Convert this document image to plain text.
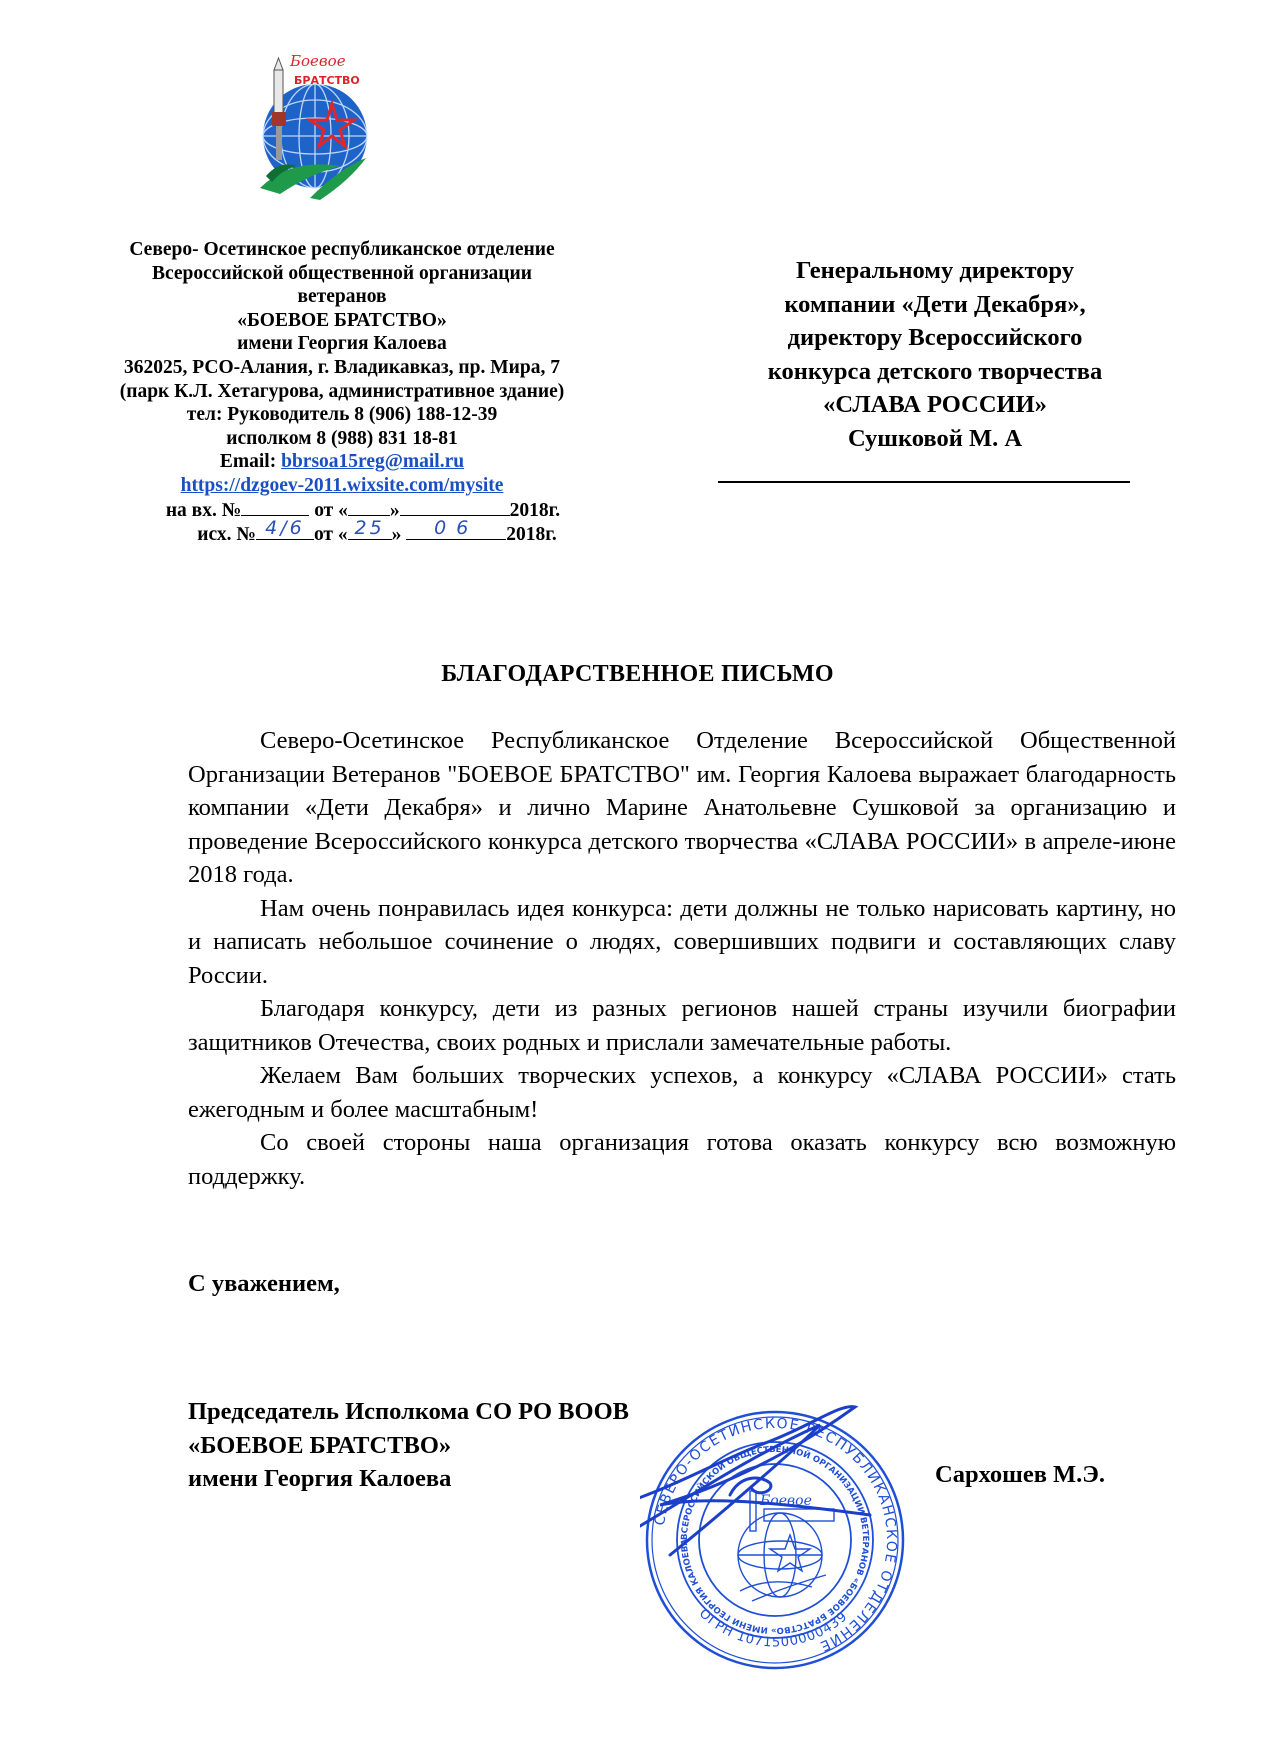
Боевое
БРАТСТВО
Северо- Осетинское республиканское отделение
Всероссийской общественной организации
ветеранов
«БОЕВОЕ БРАТСТВО»
имени Георгия Калоева
362025, РСО-Алания, г. Владикавказ, пр. Мира, 7
(парк К.Л. Хетагурова, административное здание)
тел: Руководитель 8 (906) 188-12-39
исполком 8 (988) 831 18-81
Email: bbrsoa15reg@mail.ru
https://dzgoev-2011.wixsite.com/mysite
на вх. №	от « »	2018г.
исх. № 4/6 от « 25 »	06	2018г.
Генеральному директору
компании «Дети Декабря»,
директору Всероссийского
конкурса детского творчества
«СЛАВА РОССИИ»
Сушковой М. А
БЛАГОДАРСТВЕННОЕ ПИСЬМО

Северо-Осетинское Республиканское Отделение Всероссийской Общественной Организации Ветеранов "БОЕВОЕ БРАТСТВО" им. Георгия Калоева выражает благодарность компании «Дети Декабря» и лично Марине Анатольевне Сушковой за организацию и проведение Всероссийского конкурса детского творчества «СЛАВА РОССИИ» в апреле-июне 2018 года.

Нам очень понравилась идея конкурса: дети должны не только нарисовать картину, но и написать небольшое сочинение о людях, совершивших подвиги и составляющих славу России.

Благодаря конкурсу, дети из разных регионов нашей страны изучили биографии защитников Отечества, своих родных и прислали замечательные работы.

Желаем Вам больших творческих успехов, а конкурсу «СЛАВА РОССИИ» стать ежегодным и более масштабным!

Со своей стороны наша организация готова оказать конкурсу всю возможную поддержку.

С уважением,
Председатель Исполкома СО РО ВООВ
«БОЕВОЕ БРАТСТВО»
имени Георгия Калоева	Сархошев М.Э.
СЕВЕРО-ОСЕТИНСКОЕ РЕСПУБЛИКАНСКОЕ ОТДЕЛЕНИЕ
ВСЕРОССИЙСКОЙ ОБЩЕСТВЕННОЙ ОРГАНИЗАЦИИ ВЕТЕРАНОВ «БОЕВОЕ БРАТСТВО» ИМЕНИ ГЕОРГИЯ КАЛОЕВА
ОГРН 1071500000439
Боевое
